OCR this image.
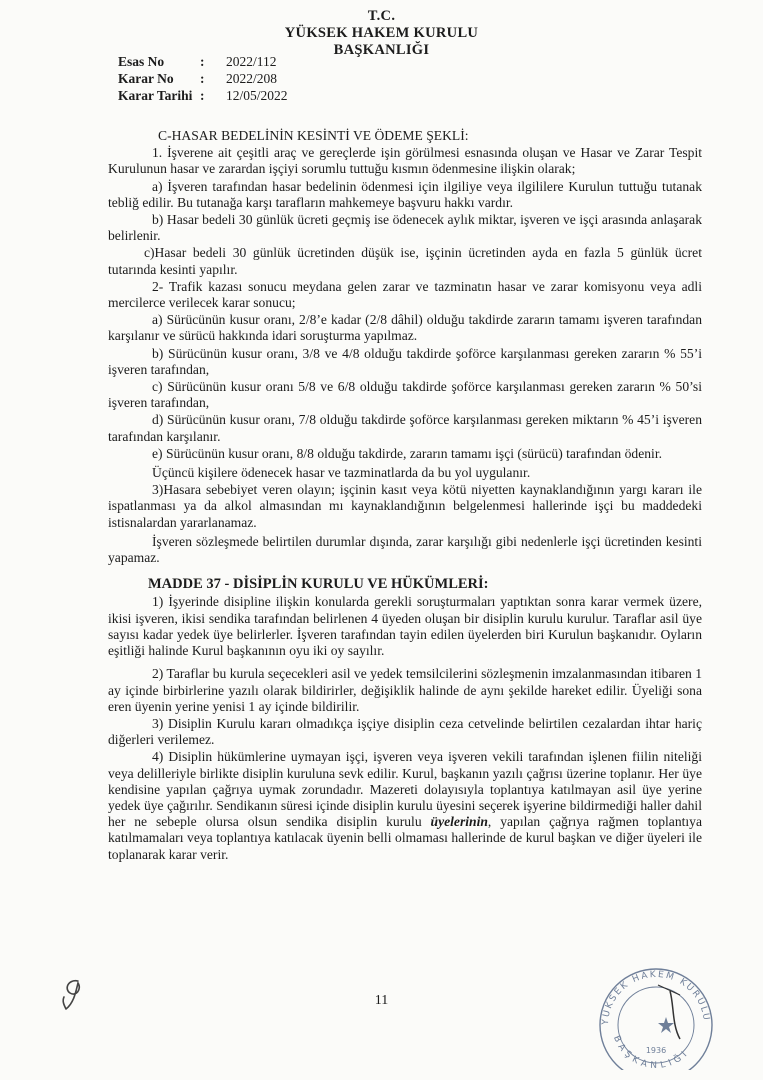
T.C.
YÜKSEK HAKEM KURULU
BAŞKANLIĞI
Esas No	: 2022/112
Karar No : 2022/208
Karar Tarihi : 12/05/2022

C-HASAR BEDELİNİN KESİNTİ VE ÖDEME ŞEKLİ:

1. İşverene ait çeşitli araç ve gereçlerde işin görülmesi esnasında oluşan ve Hasar ve Zarar Tespit Kurulunun hasar ve zarardan işçiyi sorumlu tuttuğu kısmın ödenmesine ilişkin olarak;

a) İşveren tarafından hasar bedelinin ödenmesi için ilgiliye veya ilgililere Kurulun tuttuğu tutanak tebliğ edilir. Bu tutanağa karşı tarafların mahkemeye başvuru hakkı vardır.

b) Hasar bedeli 30 günlük ücreti geçmiş ise ödenecek aylık miktar, işveren ve işçi arasında anlaşarak belirlenir.

c)Hasar bedeli 30 günlük ücretinden düşük ise, işçinin ücretinden ayda en fazla 5 günlük ücret tutarında kesinti yapılır.

2- Trafik kazası sonucu meydana gelen zarar ve tazminatın hasar ve zarar komisyonu veya adli mercilerce verilecek karar sonucu;

a) Sürücünün kusur oranı, 2/8’e kadar (2/8 dâhil) olduğu takdirde zararın tamamı işveren tarafından karşılanır ve sürücü hakkında idari soruşturma yapılmaz.

b) Sürücünün kusur oranı, 3/8 ve 4/8 olduğu takdirde şoförce karşılanması gereken zararın % 55’i işveren tarafından,

c) Sürücünün kusur oranı 5/8 ve 6/8 olduğu takdirde şoförce karşılanması gereken zararın % 50’si işveren tarafından,

d) Sürücünün kusur oranı, 7/8 olduğu takdirde şoförce karşılanması gereken miktarın % 45’i işveren tarafından karşılanır.

e) Sürücünün kusur oranı, 8/8 olduğu takdirde, zararın tamamı işçi (sürücü) tarafından ödenir.

Üçüncü kişilere ödenecek hasar ve tazminatlarda da bu yol uygulanır.

3)Hasara sebebiyet veren olayın; işçinin kasıt veya kötü niyetten kaynaklandığının yargı kararı ile ispatlanması ya da alkol almasından mı kaynaklandığının belgelenmesi hallerinde işçi bu maddedeki istisnalardan yararlanamaz.

İşveren sözleşmede belirtilen durumlar dışında, zarar karşılığı gibi nedenlerle işçi ücretinden kesinti yapamaz.

MADDE 37 - DİSİPLİN KURULU VE HÜKÜMLERİ:

1) İşyerinde disipline ilişkin konularda gerekli soruşturmaları yaptıktan sonra karar vermek üzere, ikisi işveren, ikisi sendika tarafından belirlenen 4 üyeden oluşan bir disiplin kurulu kurulur. Taraflar asil üye sayısı kadar yedek üye belirlerler. İşveren tarafından tayin edilen üyelerden biri Kurulun başkanıdır. Oyların eşitliği halinde Kurul başkanının oyu iki oy sayılır.

2) Taraflar bu kurula seçecekleri asil ve yedek temsilcilerini sözleşmenin imzalanmasından itibaren 1 ay içinde birbirlerine yazılı olarak bildirirler, değişiklik halinde de aynı şekilde hareket edilir. Üyeliği sona eren üyenin yerine yenisi 1 ay içinde bildirilir.

3) Disiplin Kurulu kararı olmadıkça işçiye disiplin ceza cetvelinde belirtilen cezalardan ihtar hariç diğerleri verilemez.

4) Disiplin hükümlerine uymayan işçi, işveren veya işveren vekili tarafından işlenen fiilin niteliği veya delilleriyle birlikte disiplin kuruluna sevk edilir. Kurul, başkanın yazılı çağrısı üzerine toplanır. Her üye kendisine yapılan çağrıya uymak zorundadır. Mazereti dolayısıyla toplantıya katılmayan asil üye yerine yedek üye çağırılır. Sendikanın süresi içinde disiplin kurulu üyesini seçerek işyerine bildirmediği haller dahil her ne sebeple olursa olsun sendika disiplin kurulu üyelerinin, yapılan çağrıya rağmen toplantıya katılmamaları veya toplantıya katılacak üyenin belli olmaması hallerinde de kurul başkan ve diğer üyeleri ile toplanarak karar verir.

11
YÜKSEK HAKEM KURULU
BAŞKANLIĞI
1936
